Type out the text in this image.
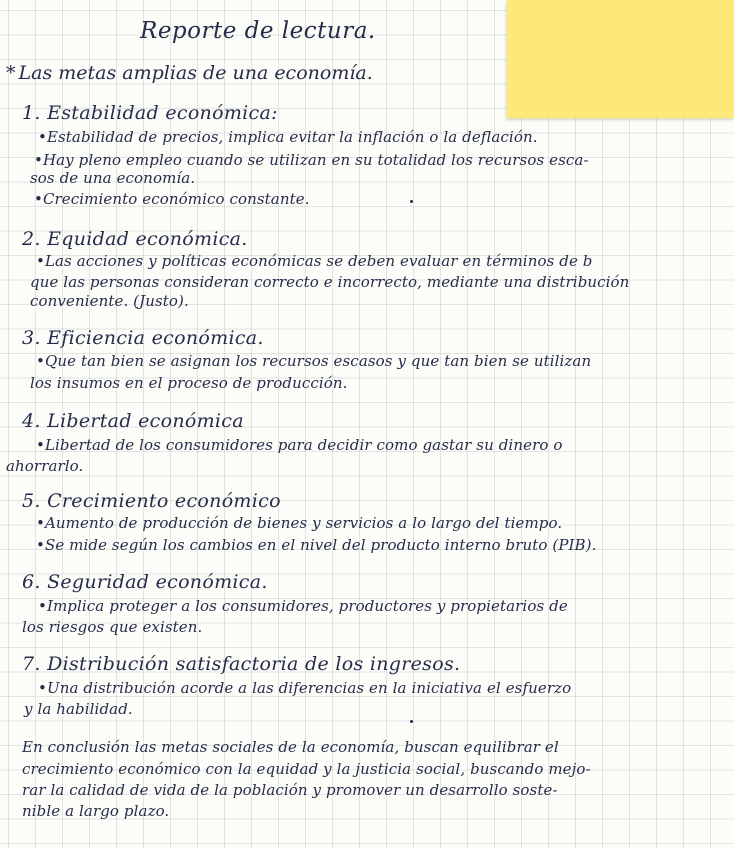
Reporte de lectura.
* Las metas amplias de una economía.
1. Estabilidad económica:
•Estabilidad de precios, implica evitar la inflación o la deflación.
•Hay pleno empleo cuando se utilizan en su totalidad los recursos esca-
sos de una economía.
•Crecimiento económico constante.
2. Equidad económica.
•Las acciones y políticas económicas se deben evaluar en términos de b
que las personas consideran correcto e incorrecto, mediante una distribución
conveniente. (Justo).
3. Eficiencia económica.
•Que tan bien se asignan los recursos escasos y que tan bien se utilizan
los insumos en el proceso de producción.
4. Libertad económica
•Libertad de los consumidores para decidir como gastar su dinero o
ahorrarlo.
5. Crecimiento económico
•Aumento de producción de bienes y servicios a lo largo del tiempo.
•Se mide según los cambios en el nivel del producto interno bruto (PIB).
6. Seguridad económica.
•Implica proteger a los consumidores, productores y propietarios de
los riesgos que existen.
7. Distribución satisfactoria de los ingresos.
•Una distribución acorde a las diferencias en la iniciativa el esfuerzo
y la habilidad.
En conclusión las metas sociales de la economía, buscan equilibrar el
crecimiento económico con la equidad y la justicia social, buscando mejo-
rar la calidad de vida de la población y promover un desarrollo soste-
nible a largo plazo.
